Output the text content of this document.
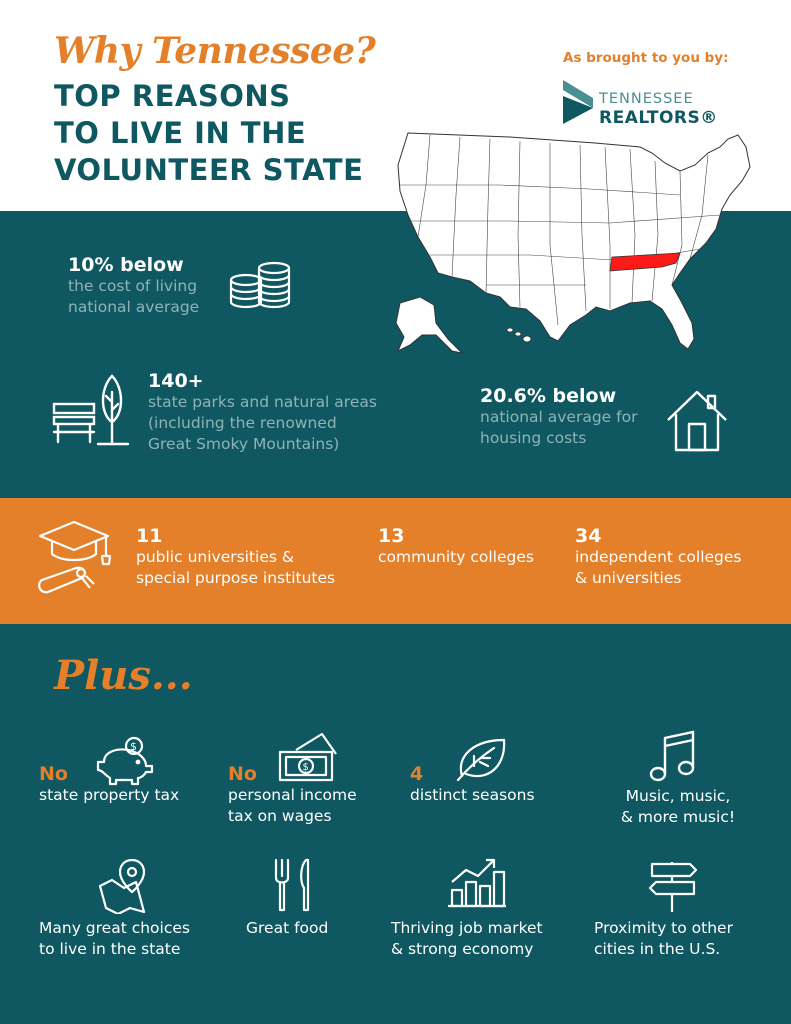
Why Tennessee?
TOP REASONS
TO LIVE IN THE
VOLUNTEER STATE
As brought to you by:
TENNESSEE
REALTORS®
10% below
the cost of living
national average
140+
state parks and natural areas
(including the renowned
Great Smoky Mountains)
20.6% below
national average for
housing costs
11
public universities &
special purpose institutes
13
community colleges
34
independent colleges
& universities
Plus...
$
No
state property tax
$
No
personal income
tax on wages
4
distinct seasons	Music, music,
& more music!
Many great choices
to live in the state
Great food	Thriving job market
& strong economy
Proximity to other
cities in the U.S.
